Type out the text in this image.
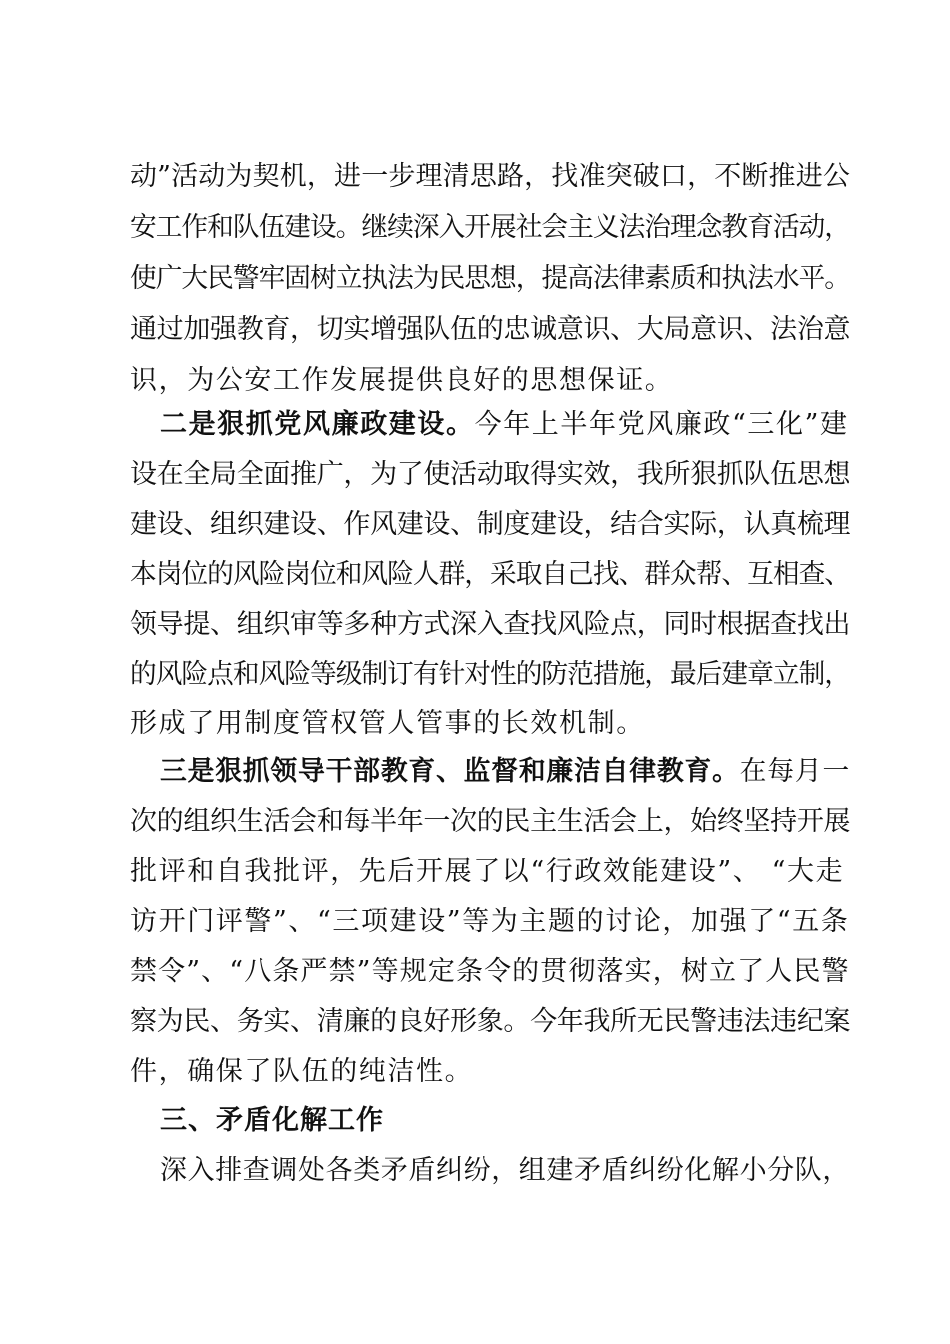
动”活动为契机，进一步理清思路，找准突破口，不断推进公
安工作和队伍建设。继续深入开展社会主义法治理念教育活动，
使广大民警牢固树立执法为民思想，提高法律素质和执法水平。
通过加强教育，切实增强队伍的忠诚意识、大局意识、法治意
识，为公安工作发展提供良好的思想保证。
二是狠抓党风廉政建设。今年上半年党风廉政“三化”建
设在全局全面推广，为了使活动取得实效，我所狠抓队伍思想
建设、组织建设、作风建设、制度建设，结合实际，认真梳理
本岗位的风险岗位和风险人群，采取自己找、群众帮、互相查、
领导提、组织审等多种方式深入查找风险点，同时根据查找出
的风险点和风险等级制订有针对性的防范措施，最后建章立制，
形成了用制度管权管人管事的长效机制。
三是狠抓领导干部教育、监督和廉洁自律教育。在每月一
次的组织生活会和每半年一次的民主生活会上，始终坚持开展
批评和自我批评，先后开展了以“行政效能建设”、 “大走
访开门评警”、“三项建设”等为主题的讨论，加强了“五条
禁令”、“八条严禁”等规定条令的贯彻落实，树立了人民警
察为民、务实、清廉的良好形象。今年我所无民警违法违纪案
件，确保了队伍的纯洁性。
三、矛盾化解工作
深入排查调处各类矛盾纠纷，组建矛盾纠纷化解小分队，
